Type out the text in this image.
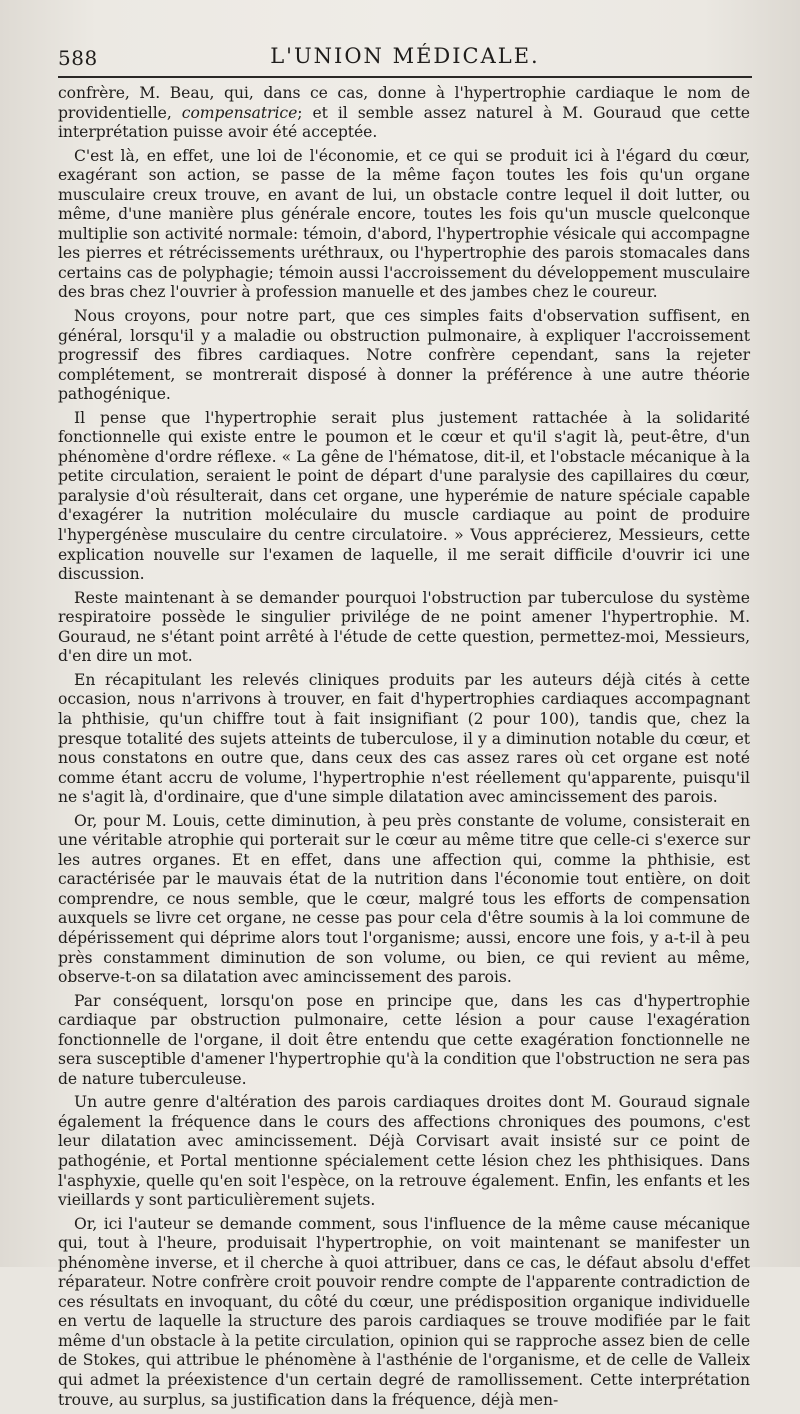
588	L'UNION MÉDICALE.

confrère, M. Beau, qui, dans ce cas, donne à l'hypertrophie cardiaque le nom de providentielle, compensatrice; et il semble assez naturel à M. Gouraud que cette interprétation puisse avoir été acceptée.

C'est là, en effet, une loi de l'économie, et ce qui se produit ici à l'égard du cœur, exagérant son action, se passe de la même façon toutes les fois qu'un organe musculaire creux trouve, en avant de lui, un obstacle contre lequel il doit lutter, ou même, d'une manière plus générale encore, toutes les fois qu'un muscle quelconque multiplie son activité normale: témoin, d'abord, l'hypertrophie vésicale qui accompagne les pierres et rétrécissements uréthraux, ou l'hypertrophie des parois stomacales dans certains cas de polyphagie; témoin aussi l'accroissement du développement musculaire des bras chez l'ouvrier à profession manuelle et des jambes chez le coureur.

Nous croyons, pour notre part, que ces simples faits d'observation suffisent, en général, lorsqu'il y a maladie ou obstruction pulmonaire, à expliquer l'accroissement progressif des fibres cardiaques. Notre confrère cependant, sans la rejeter complétement, se montrerait disposé à donner la préférence à une autre théorie pathogénique.

Il pense que l'hypertrophie serait plus justement rattachée à la solidarité fonctionnelle qui existe entre le poumon et le cœur et qu'il s'agit là, peut-être, d'un phénomène d'ordre réflexe. « La gêne de l'hématose, dit-il, et l'obstacle mécanique à la petite circulation, seraient le point de départ d'une paralysie des capillaires du cœur, paralysie d'où résulterait, dans cet organe, une hyperémie de nature spéciale capable d'exagérer la nutrition moléculaire du muscle cardiaque au point de produire l'hypergénèse musculaire du centre circulatoire. » Vous apprécierez, Messieurs, cette explication nouvelle sur l'examen de laquelle, il me serait difficile d'ouvrir ici une discussion.

Reste maintenant à se demander pourquoi l'obstruction par tuberculose du système respiratoire possède le singulier privilége de ne point amener l'hypertrophie. M. Gouraud, ne s'étant point arrêté à l'étude de cette question, permettez-moi, Messieurs, d'en dire un mot.

En récapitulant les relevés cliniques produits par les auteurs déjà cités à cette occasion, nous n'arrivons à trouver, en fait d'hypertrophies cardiaques accompagnant la phthisie, qu'un chiffre tout à fait insignifiant (2 pour 100), tandis que, chez la presque totalité des sujets atteints de tuberculose, il y a diminution notable du cœur, et nous constatons en outre que, dans ceux des cas assez rares où cet organe est noté comme étant accru de volume, l'hypertrophie n'est réellement qu'apparente, puisqu'il ne s'agit là, d'ordinaire, que d'une simple dilatation avec amincissement des parois.

Or, pour M. Louis, cette diminution, à peu près constante de volume, consisterait en une véritable atrophie qui porterait sur le cœur au même titre que celle-ci s'exerce sur les autres organes. Et en effet, dans une affection qui, comme la phthisie, est caractérisée par le mauvais état de la nutrition dans l'économie tout entière, on doit comprendre, ce nous semble, que le cœur, malgré tous les efforts de compensation auxquels se livre cet organe, ne cesse pas pour cela d'être soumis à la loi commune de dépérissement qui déprime alors tout l'organisme; aussi, encore une fois, y a-t-il à peu près constamment diminution de son volume, ou bien, ce qui revient au même, observe-t-on sa dilatation avec amincissement des parois.

Par conséquent, lorsqu'on pose en principe que, dans les cas d'hypertrophie cardiaque par obstruction pulmonaire, cette lésion a pour cause l'exagération fonctionnelle de l'organe, il doit être entendu que cette exagération fonctionnelle ne sera susceptible d'amener l'hypertrophie qu'à la condition que l'obstruction ne sera pas de nature tuberculeuse.

Un autre genre d'altération des parois cardiaques droites dont M. Gouraud signale également la fréquence dans le cours des affections chroniques des poumons, c'est leur dilatation avec amincissement. Déjà Corvisart avait insisté sur ce point de pathogénie, et Portal mentionne spécialement cette lésion chez les phthisiques. Dans l'asphyxie, quelle qu'en soit l'espèce, on la retrouve également. Enfin, les enfants et les vieillards y sont particulièrement sujets.

Or, ici l'auteur se demande comment, sous l'influence de la même cause mécanique qui, tout à l'heure, produisait l'hypertrophie, on voit maintenant se manifester un phénomène inverse, et il cherche à quoi attribuer, dans ce cas, le défaut absolu d'effet réparateur. Notre confrère croit pouvoir rendre compte de l'apparente contradiction de ces résultats en invoquant, du côté du cœur, une prédisposition organique individuelle en vertu de laquelle la structure des parois cardiaques se trouve modifiée par le fait même d'un obstacle à la petite circulation, opinion qui se rapproche assez bien de celle de Stokes, qui attribue le phénomène à l'asthénie de l'organisme, et de celle de Valleix qui admet la préexistence d'un certain degré de ramollissement. Cette interprétation trouve, au surplus, sa justification dans la fréquence, déjà men-
